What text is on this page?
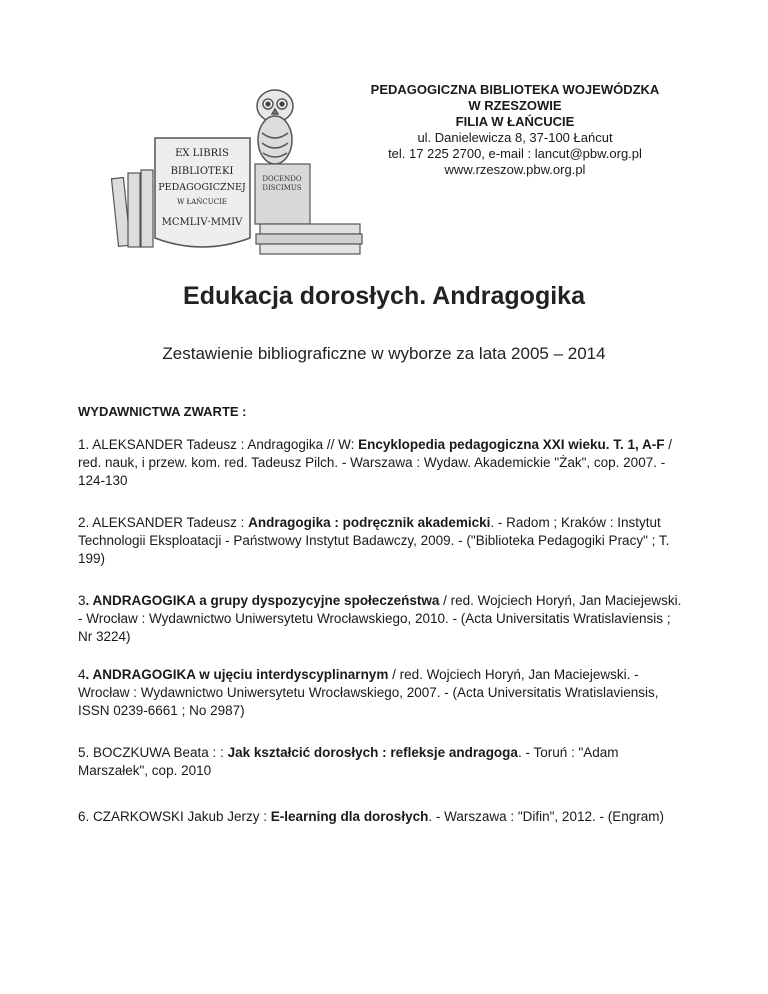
DOCENDO
DISCIMUS
EX LIBRIS
BIBLIOTEKI
PEDAGOGICZNEJ
W ŁAŃCUCIE
MCMLIV·MMIV
PEDAGOGICZNA BIBLIOTEKA WOJEWÓDZKA
W RZESZOWIE
FILIA W ŁAŃCUCIE
ul. Danielewicza 8, 37-100 Łańcut
tel. 17 225 2700, e-mail : lancut@pbw.org.pl
www.rzeszow.pbw.org.pl
Edukacja dorosłych. Andragogika
Zestawienie bibliograficzne w wyborze za lata 2005 – 2014
WYDAWNICTWA ZWARTE :
1. ALEKSANDER Tadeusz : Andragogika // W: Encyklopedia pedagogiczna XXI wieku. T. 1, A-F / red. nauk, i przew. kom. red. Tadeusz Pilch. - Warszawa : Wydaw. Akademickie "Żak", cop. 2007. - 124-130
2. ALEKSANDER Tadeusz : Andragogika : podręcznik akademicki. - Radom ; Kraków : Instytut Technologii Eksploatacji - Państwowy Instytut Badawczy, 2009. - ("Biblioteka Pedagogiki Pracy" ; T. 199)
3. ANDRAGOGIKA a grupy dyspozycyjne społeczeństwa / red. Wojciech Horyń, Jan Maciejewski. - Wrocław : Wydawnictwo Uniwersytetu Wrocławskiego, 2010. - (Acta Universitatis Wratislaviensis ; Nr 3224)
4. ANDRAGOGIKA w ujęciu interdyscyplinarnym / red. Wojciech Horyń, Jan Maciejewski. - Wrocław : Wydawnictwo Uniwersytetu Wrocławskiego, 2007. - (Acta Universitatis Wratislaviensis, ISSN 0239-6661 ; No 2987)
5. BOCZKUWA Beata : : Jak kształcić dorosłych : refleksje andragoga. - Toruń : "Adam Marszałek", cop. 2010
6. CZARKOWSKI Jakub Jerzy : E-learning dla dorosłych. - Warszawa : "Difin", 2012. - (Engram)
